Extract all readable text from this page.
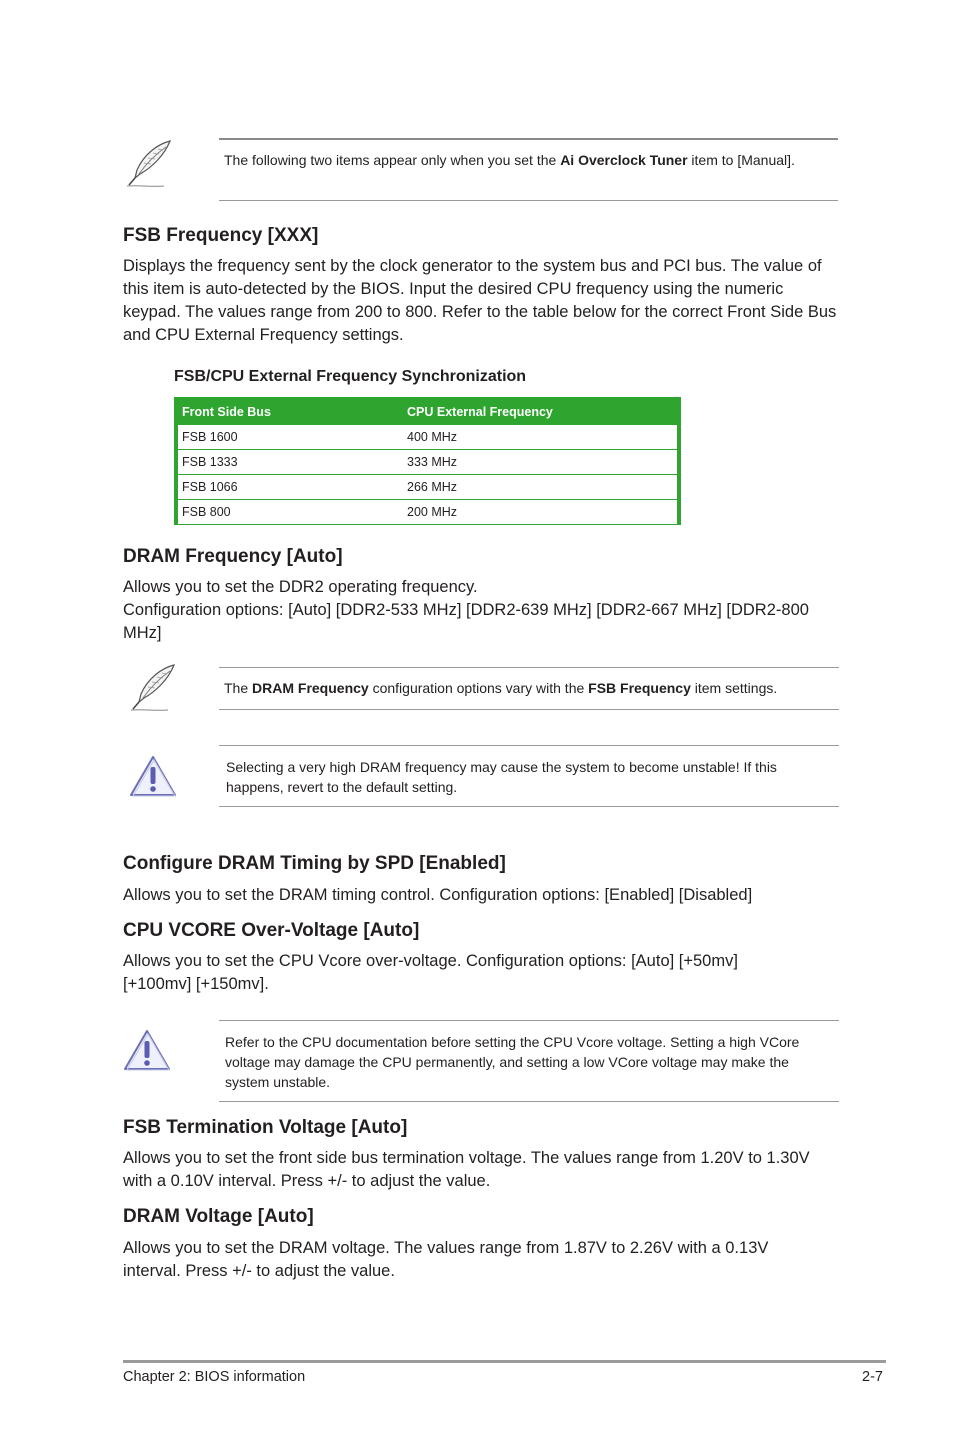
The following two items appear only when you set the Ai Overclock Tuner item to [Manual].
FSB Frequency [XXX]

Displays the frequency sent by the clock generator to the system bus and PCI bus. The value of this item is auto-detected by the BIOS. Input the desired CPU frequency using the numeric keypad. The values range from 200 to 800. Refer to the table below for the correct Front Side Bus and CPU External Frequency settings.

FSB/CPU External Frequency Synchronization
Front Side Bus	CPU External Frequency
FSB 1600	400 MHz
FSB 1333	333 MHz
FSB 1066	266 MHz
FSB 800	200 MHz
DRAM Frequency [Auto]

Allows you to set the DDR2 operating frequency.

Configuration options: [Auto] [DDR2-533 MHz] [DDR2-639 MHz] [DDR2-667 MHz] [DDR2-800 MHz]

The DRAM Frequency configuration options vary with the FSB Frequency item settings.
Selecting a very high DRAM frequency may cause the system to become unstable! If this happens, revert to the default setting.
Configure DRAM Timing by SPD [Enabled]

Allows you to set the DRAM timing control. Configuration options: [Enabled] [Disabled]

CPU VCORE Over-Voltage [Auto]

Allows you to set the CPU Vcore over-voltage. Configuration options: [Auto] [+50mv] [+100mv] [+150mv].

Refer to the CPU documentation before setting the CPU Vcore voltage. Setting a high VCore voltage may damage the CPU permanently, and setting a low VCore voltage may make the system unstable.
FSB Termination Voltage [Auto]

Allows you to set the front side bus termination voltage. The values range from 1.20V to 1.30V with a 0.10V interval. Press +/- to adjust the value.

DRAM Voltage [Auto]

Allows you to set the DRAM voltage. The values range from 1.87V to 2.26V with a 0.13V interval. Press +/- to adjust the value.

Chapter 2: BIOS information	2-7
